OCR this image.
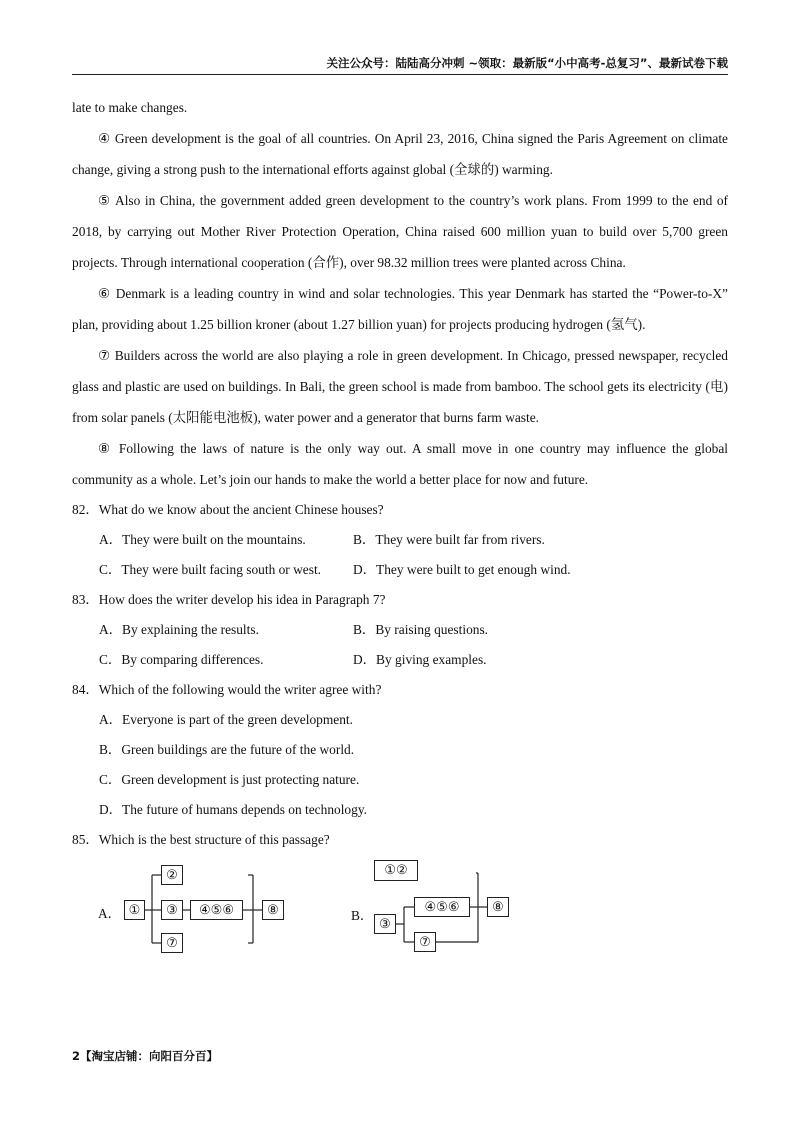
关注公众号：陆陆高分冲刺 ~领取：最新版“小中高考-总复习”、最新试卷下载

late to make changes.

④ Green development is the goal of all countries. On April 23, 2016, China signed the Paris Agreement on climate change, giving a strong push to the international efforts against global (全球的) warming.

⑤ Also in China, the government added green development to the country’s work plans. From 1999 to the end of 2018, by carrying out Mother River Protection Operation, China raised 600 million yuan to build over 5,700 green projects. Through international cooperation (合作), over 98.32 million trees were planted across China.

⑥ Denmark is a leading country in wind and solar technologies. This year Denmark has started the “Power-to-X” plan, providing about 1.25 billion kroner (about 1.27 billion yuan) for projects producing hydrogen (氢气).

⑦ Builders across the world are also playing a role in green development. In Chicago, pressed newspaper, recycled glass and plastic are used on buildings. In Bali, the green school is made from bamboo. The school gets its electricity (电) from solar panels (太阳能电池板), water power and a generator that burns farm waste.

⑧ Following the laws of nature is the only way out. A small move in one country may influence the global community as a whole. Let’s join our hands to make the world a better place for now and future.

82．What do we know about the ancient Chinese houses?

A．They were built on the mountains.	B．They were built far from rivers.
C．They were built facing south or west.	D．They were built to get enough wind.

83．How does the writer develop his idea in Paragraph 7?

A．By explaining the results.	B．By raising questions.
C．By comparing differences.	D．By giving examples.

84．Which of the following would the writer agree with?

A．Everyone is part of the green development.
B．Green buildings are the future of the world.
C．Green development is just protecting nature.
D．The future of humans depends on technology.

85．Which is the best structure of this passage?

A． ①
②
③	④⑤⑥
⑦
⑧	B．
①②
③
④⑤⑥
⑦
⑧
2【淘宝店铺：向阳百分百】
